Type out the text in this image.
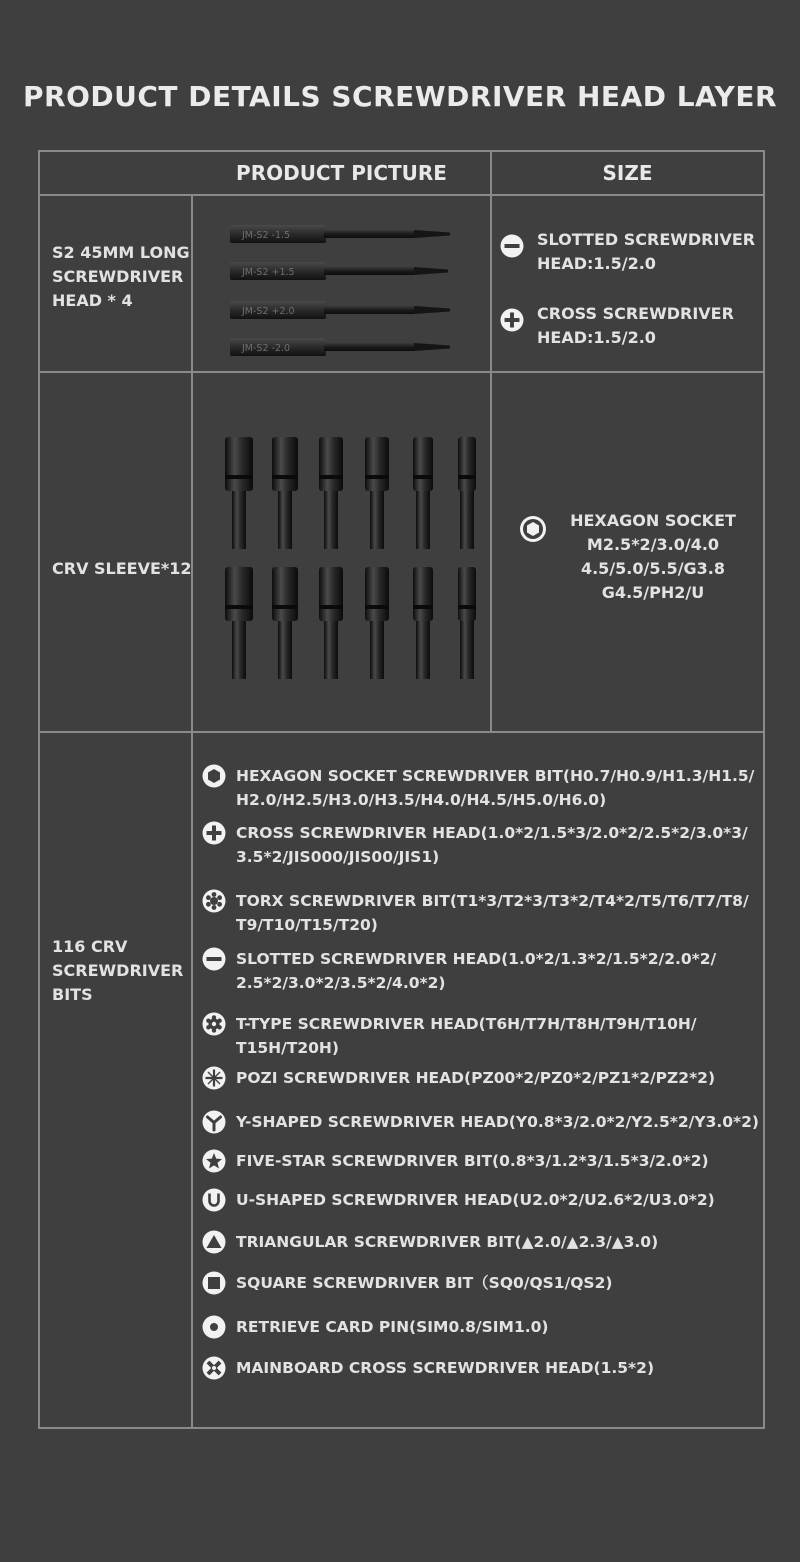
PRODUCT DETAILS SCREWDRIVER HEAD LAYER
PRODUCT PICTURE	SIZE
S2 45MM LONG
SCREWDRIVER
HEAD * 4
JM-S2 -1.5
JM-S2 +1.5
JM-S2 +2.0
JM-S2 -2.0
SLOTTED SCREWDRIVER
HEAD:1.5/2.0
CROSS SCREWDRIVER
HEAD:1.5/2.0
CRV SLEEVE*12
HEXAGON SOCKET
M2.5*2/3.0/4.0
4.5/5.0/5.5/G3.8
G4.5/PH2/U
116 CRV
SCREWDRIVER
BITS
HEXAGON SOCKET SCREWDRIVER BIT(H0.7/H0.9/H1.3/H1.5/ H2.0/H2.5/H3.0/H3.5/H4.0/H4.5/H5.0/H6.0)
CROSS SCREWDRIVER HEAD(1.0*2/1.5*3/2.0*2/2.5*2/3.0*3/ 3.5*2/JIS000/JIS00/JIS1)
TORX SCREWDRIVER BIT(T1*3/T2*3/T3*2/T4*2/T5/T6/T7/T8/ T9/T10/T15/T20)
SLOTTED SCREWDRIVER HEAD(1.0*2/1.3*2/1.5*2/2.0*2/ 2.5*2/3.0*2/3.5*2/4.0*2)
T-TYPE SCREWDRIVER HEAD(T6H/T7H/T8H/T9H/T10H/ T15H/T20H)
POZI SCREWDRIVER HEAD(PZ00*2/PZ0*2/PZ1*2/PZ2*2)
Y-SHAPED SCREWDRIVER HEAD(Y0.8*3/2.0*2/Y2.5*2/Y3.0*2)
FIVE-STAR SCREWDRIVER BIT(0.8*3/1.2*3/1.5*3/2.0*2)
U-SHAPED SCREWDRIVER HEAD(U2.0*2/U2.6*2/U3.0*2)
TRIANGULAR SCREWDRIVER BIT(▲2.0/▲2.3/▲3.0)
SQUARE SCREWDRIVER BIT（SQ0/QS1/QS2)
RETRIEVE CARD PIN(SIM0.8/SIM1.0)
MAINBOARD CROSS SCREWDRIVER HEAD(1.5*2)
